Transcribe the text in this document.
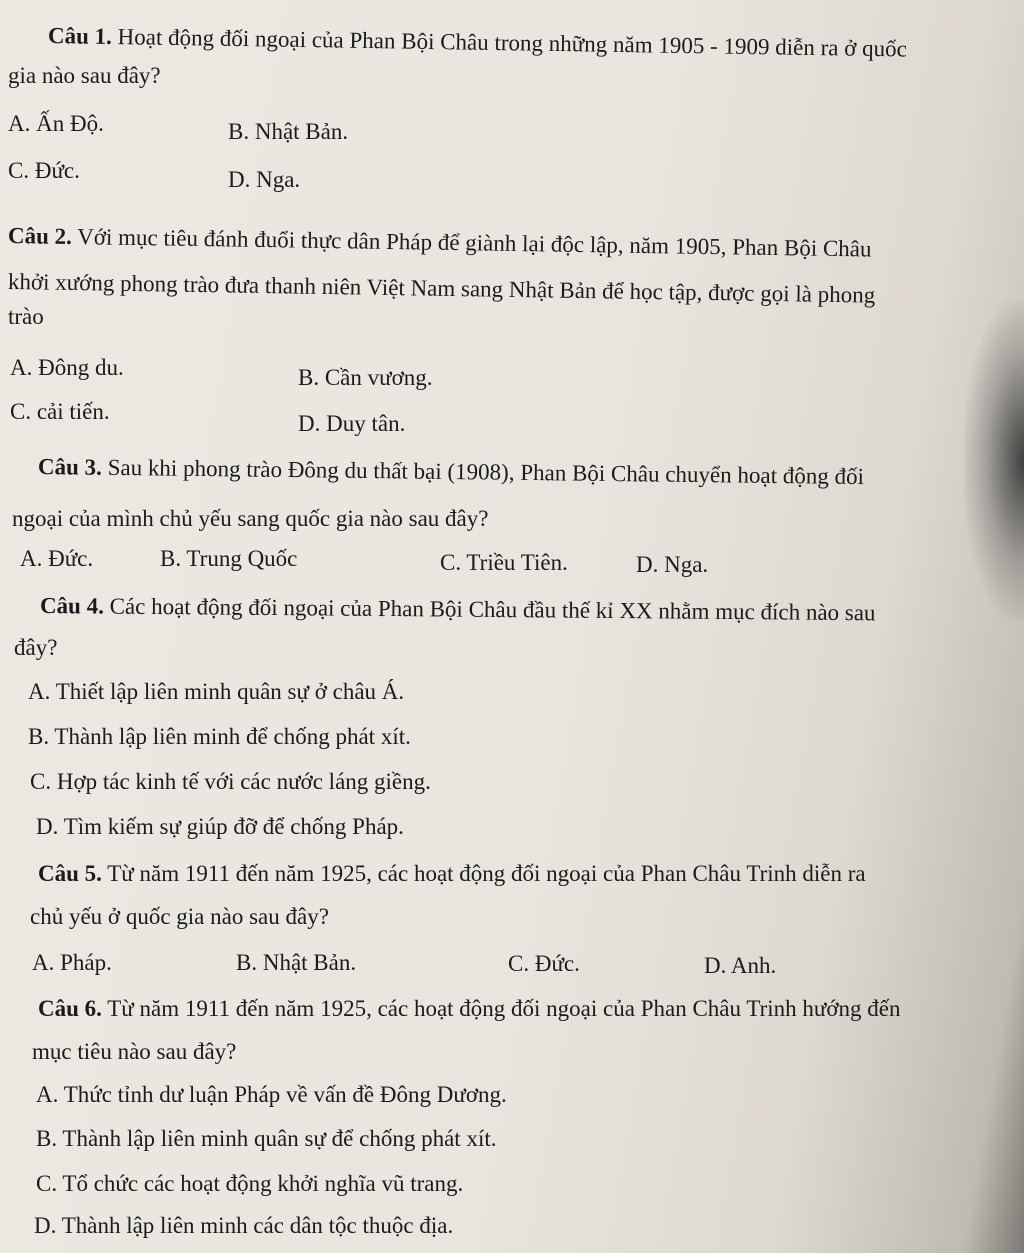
Câu 1. Hoạt động đối ngoại của Phan Bội Châu trong những năm 1905 - 1909 diễn ra ở quốc
gia nào sau đây?
A. Ấn Độ.	B. Nhật Bản.
C. Đức.	D. Nga.
Câu 2. Với mục tiêu đánh đuổi thực dân Pháp để giành lại độc lập, năm 1905, Phan Bội Châu
khởi xướng phong trào đưa thanh niên Việt Nam sang Nhật Bản để học tập, được gọi là phong
trào
A. Đông du.	B. Cần vương.
C. cải tiến.	D. Duy tân.
Câu 3. Sau khi phong trào Đông du thất bại (1908), Phan Bội Châu chuyển hoạt động đối
ngoại của mình chủ yếu sang quốc gia nào sau đây?
A. Đức.	B. Trung Quốc	C. Triều Tiên.	D. Nga.
Câu 4. Các hoạt động đối ngoại của Phan Bội Châu đầu thế kỉ XX nhằm mục đích nào sau
đây?
A. Thiết lập liên minh quân sự ở châu Á.
B. Thành lập liên minh để chống phát xít.
C. Hợp tác kinh tế với các nước láng giềng.
D. Tìm kiếm sự giúp đỡ để chống Pháp.
Câu 5. Từ năm 1911 đến năm 1925, các hoạt động đối ngoại của Phan Châu Trinh diễn ra
chủ yếu ở quốc gia nào sau đây?
A. Pháp.	B. Nhật Bản.	C. Đức.	D. Anh.
Câu 6. Từ năm 1911 đến năm 1925, các hoạt động đối ngoại của Phan Châu Trinh hướng đến
mục tiêu nào sau đây?
A. Thức tỉnh dư luận Pháp về vấn đề Đông Dương.
B. Thành lập liên minh quân sự để chống phát xít.
C. Tổ chức các hoạt động khởi nghĩa vũ trang.
D. Thành lập liên minh các dân tộc thuộc địa.
